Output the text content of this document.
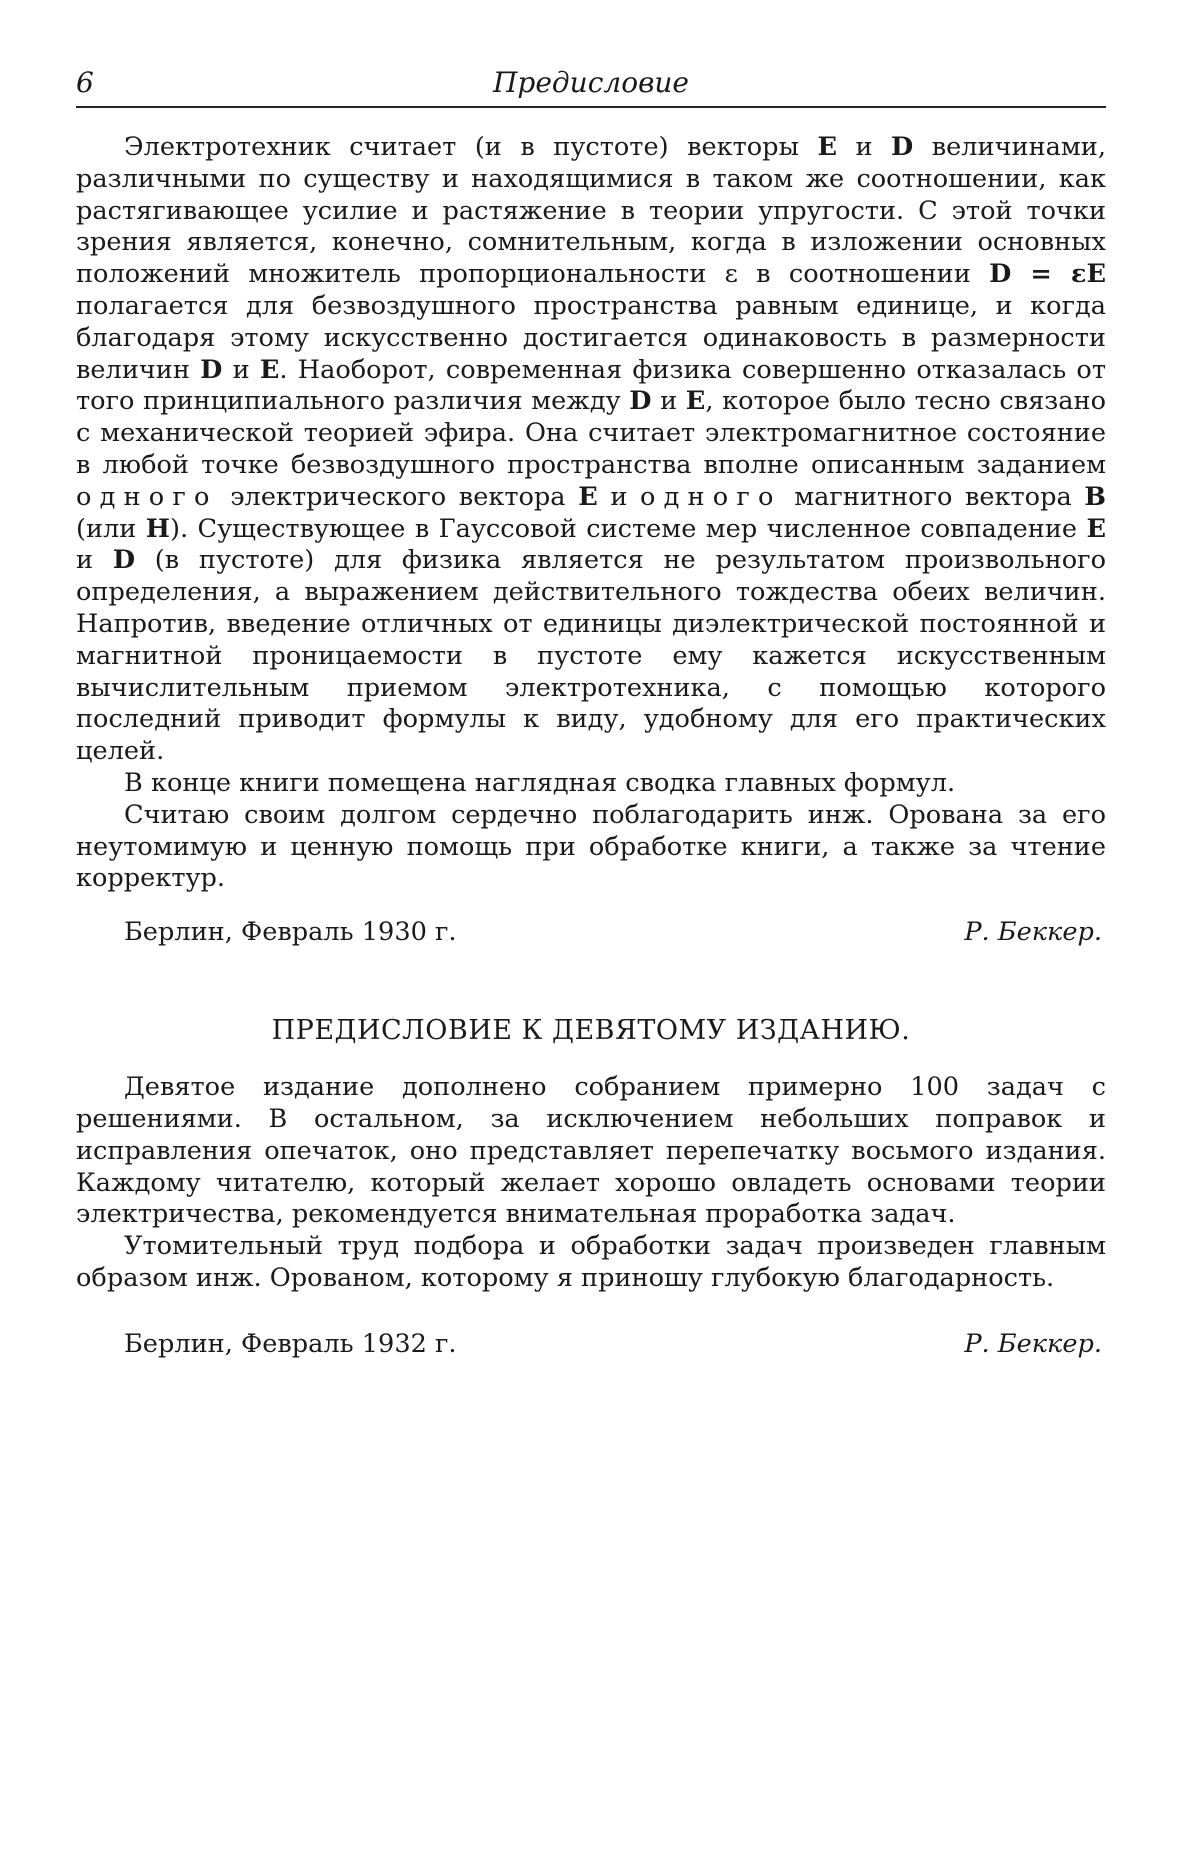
6	Предисловие

Электротехник считает (и в пустоте) векторы E и D величинами, различными по существу и находящимися в таком же соотношении, как растягивающее усилие и растяжение в теории упругости. С этой точки зрения является, конечно, сомнительным, когда в изложении основных положений множитель пропорциональности ε в соотношении D = εE полагается для безвоздушного пространства равным единице, и когда благодаря этому искусственно достигается одинаковость в размерности величин D и E. Наоборот, современная физика совершенно отказалась от того принципиального различия между D и E, которое было тесно связано с механической теорией эфира. Она считает электромагнитное состояние в любой точке безвоздушного пространства вполне описанным заданием одного электрического вектора E и одного магнитного вектора B (или H). Существующее в Гауссовой системе мер численное совпадение E и D (в пустоте) для физика является не результатом произвольного определения, а выражением действительного тождества обеих величин. Напротив, введение отличных от единицы диэлектрической постоянной и магнитной проницаемости в пустоте ему кажется искусственным вычислительным приемом электротехника, с помощью которого последний приводит формулы к виду, удобному для его практических целей.

В конце книги помещена наглядная сводка главных формул.

Считаю своим долгом сердечно поблагодарить инж. Орована за его неутомимую и ценную помощь при обработке книги, а также за чтение корректур.

Берлин, Февраль 1930 г.	Р. Беккер.
ПРЕДИСЛОВИЕ К ДЕВЯТОМУ ИЗДАНИЮ.

Девятое издание дополнено собранием примерно 100 задач с решениями. В остальном, за исключением небольших поправок и исправления опечаток, оно представляет перепечатку восьмого издания. Каждому читателю, который желает хорошо овладеть основами теории электричества, рекомендуется внимательная проработка задач.

Утомительный труд подбора и обработки задач произведен главным образом инж. Орованом, которому я приношу глубокую благодарность.

Берлин, Февраль 1932 г.	Р. Беккер.
